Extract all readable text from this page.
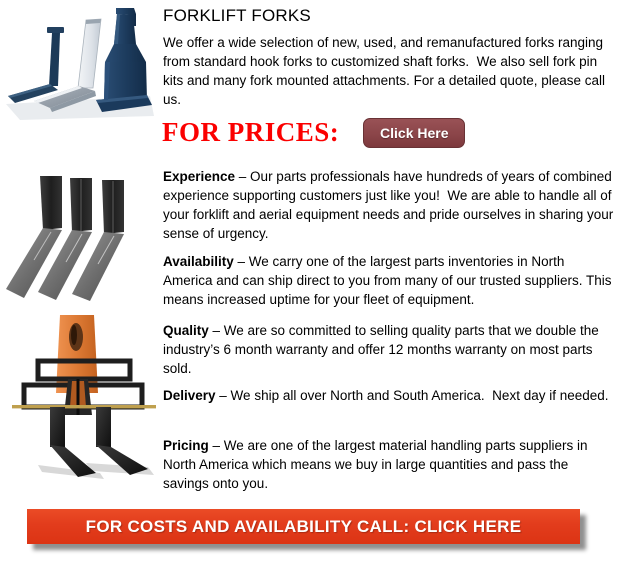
FORKLIFT FORKS

We offer a wide selection of new, used, and remanufactured forks ranging from standard hook forks to customized shaft forks.  We also sell fork pin kits and many fork mounted attachments. For a detailed quote, please call us.

FOR PRICES:	Click Here

Experience – Our parts professionals have hundreds of years of combined experience supporting customers just like you!  We are able to handle all of your forklift and aerial equipment needs and pride ourselves in sharing your sense of urgency.

Availability – We carry one of the largest parts inventories in North America and can ship direct to you from many of our trusted suppliers. This means increased uptime for your fleet of equipment.

Quality – We are so committed to selling quality parts that we double the industry’s 6 month warranty and offer 12 months warranty on most parts sold.

Delivery – We ship all over North and South America.  Next day if needed.

Pricing – We are one of the largest material handling parts suppliers in North America which means we buy in large quantities and pass the savings onto you.

FOR COSTS AND AVAILABILITY CALL: CLICK HERE
